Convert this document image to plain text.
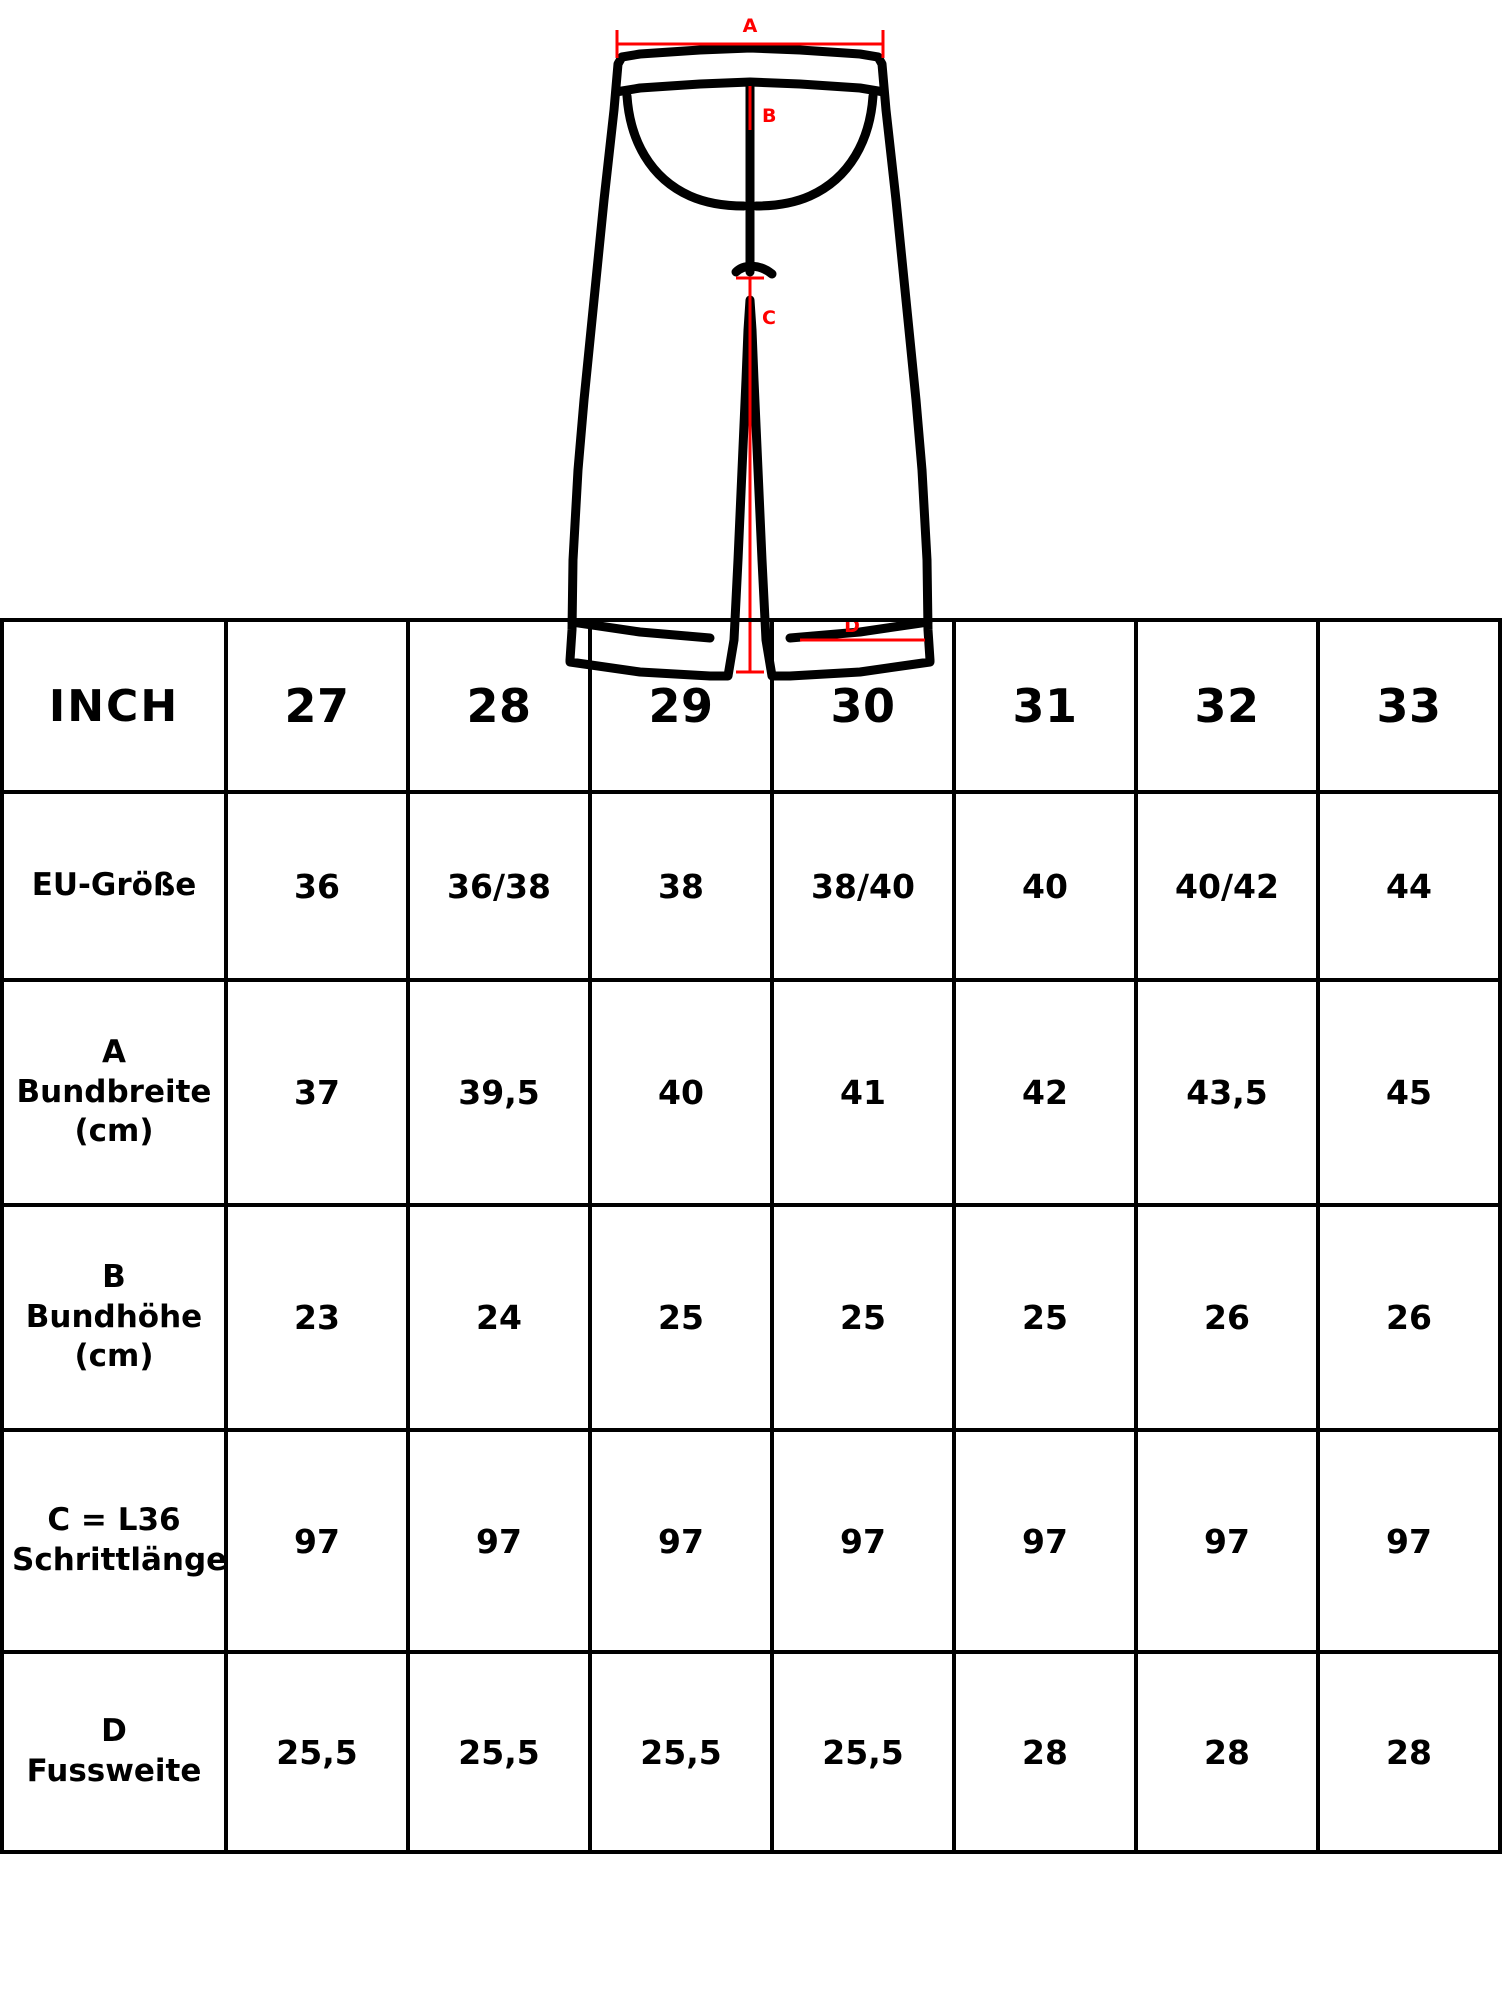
A
B
C
D
INCH	27	28	29	30	31	32	33
EU-Größe	36	36/38	38	38/40	40	40/42	44
A Bundbreite (cm)	37	39,5	40	41	42	43,5	45
B Bundhöhe (cm)	23	24	25	25	25	26	26
C = L36 Schrittlänge	97	97	97	97	97	97	97
D Fussweite	25,5	25,5	25,5	25,5	28	28	28
